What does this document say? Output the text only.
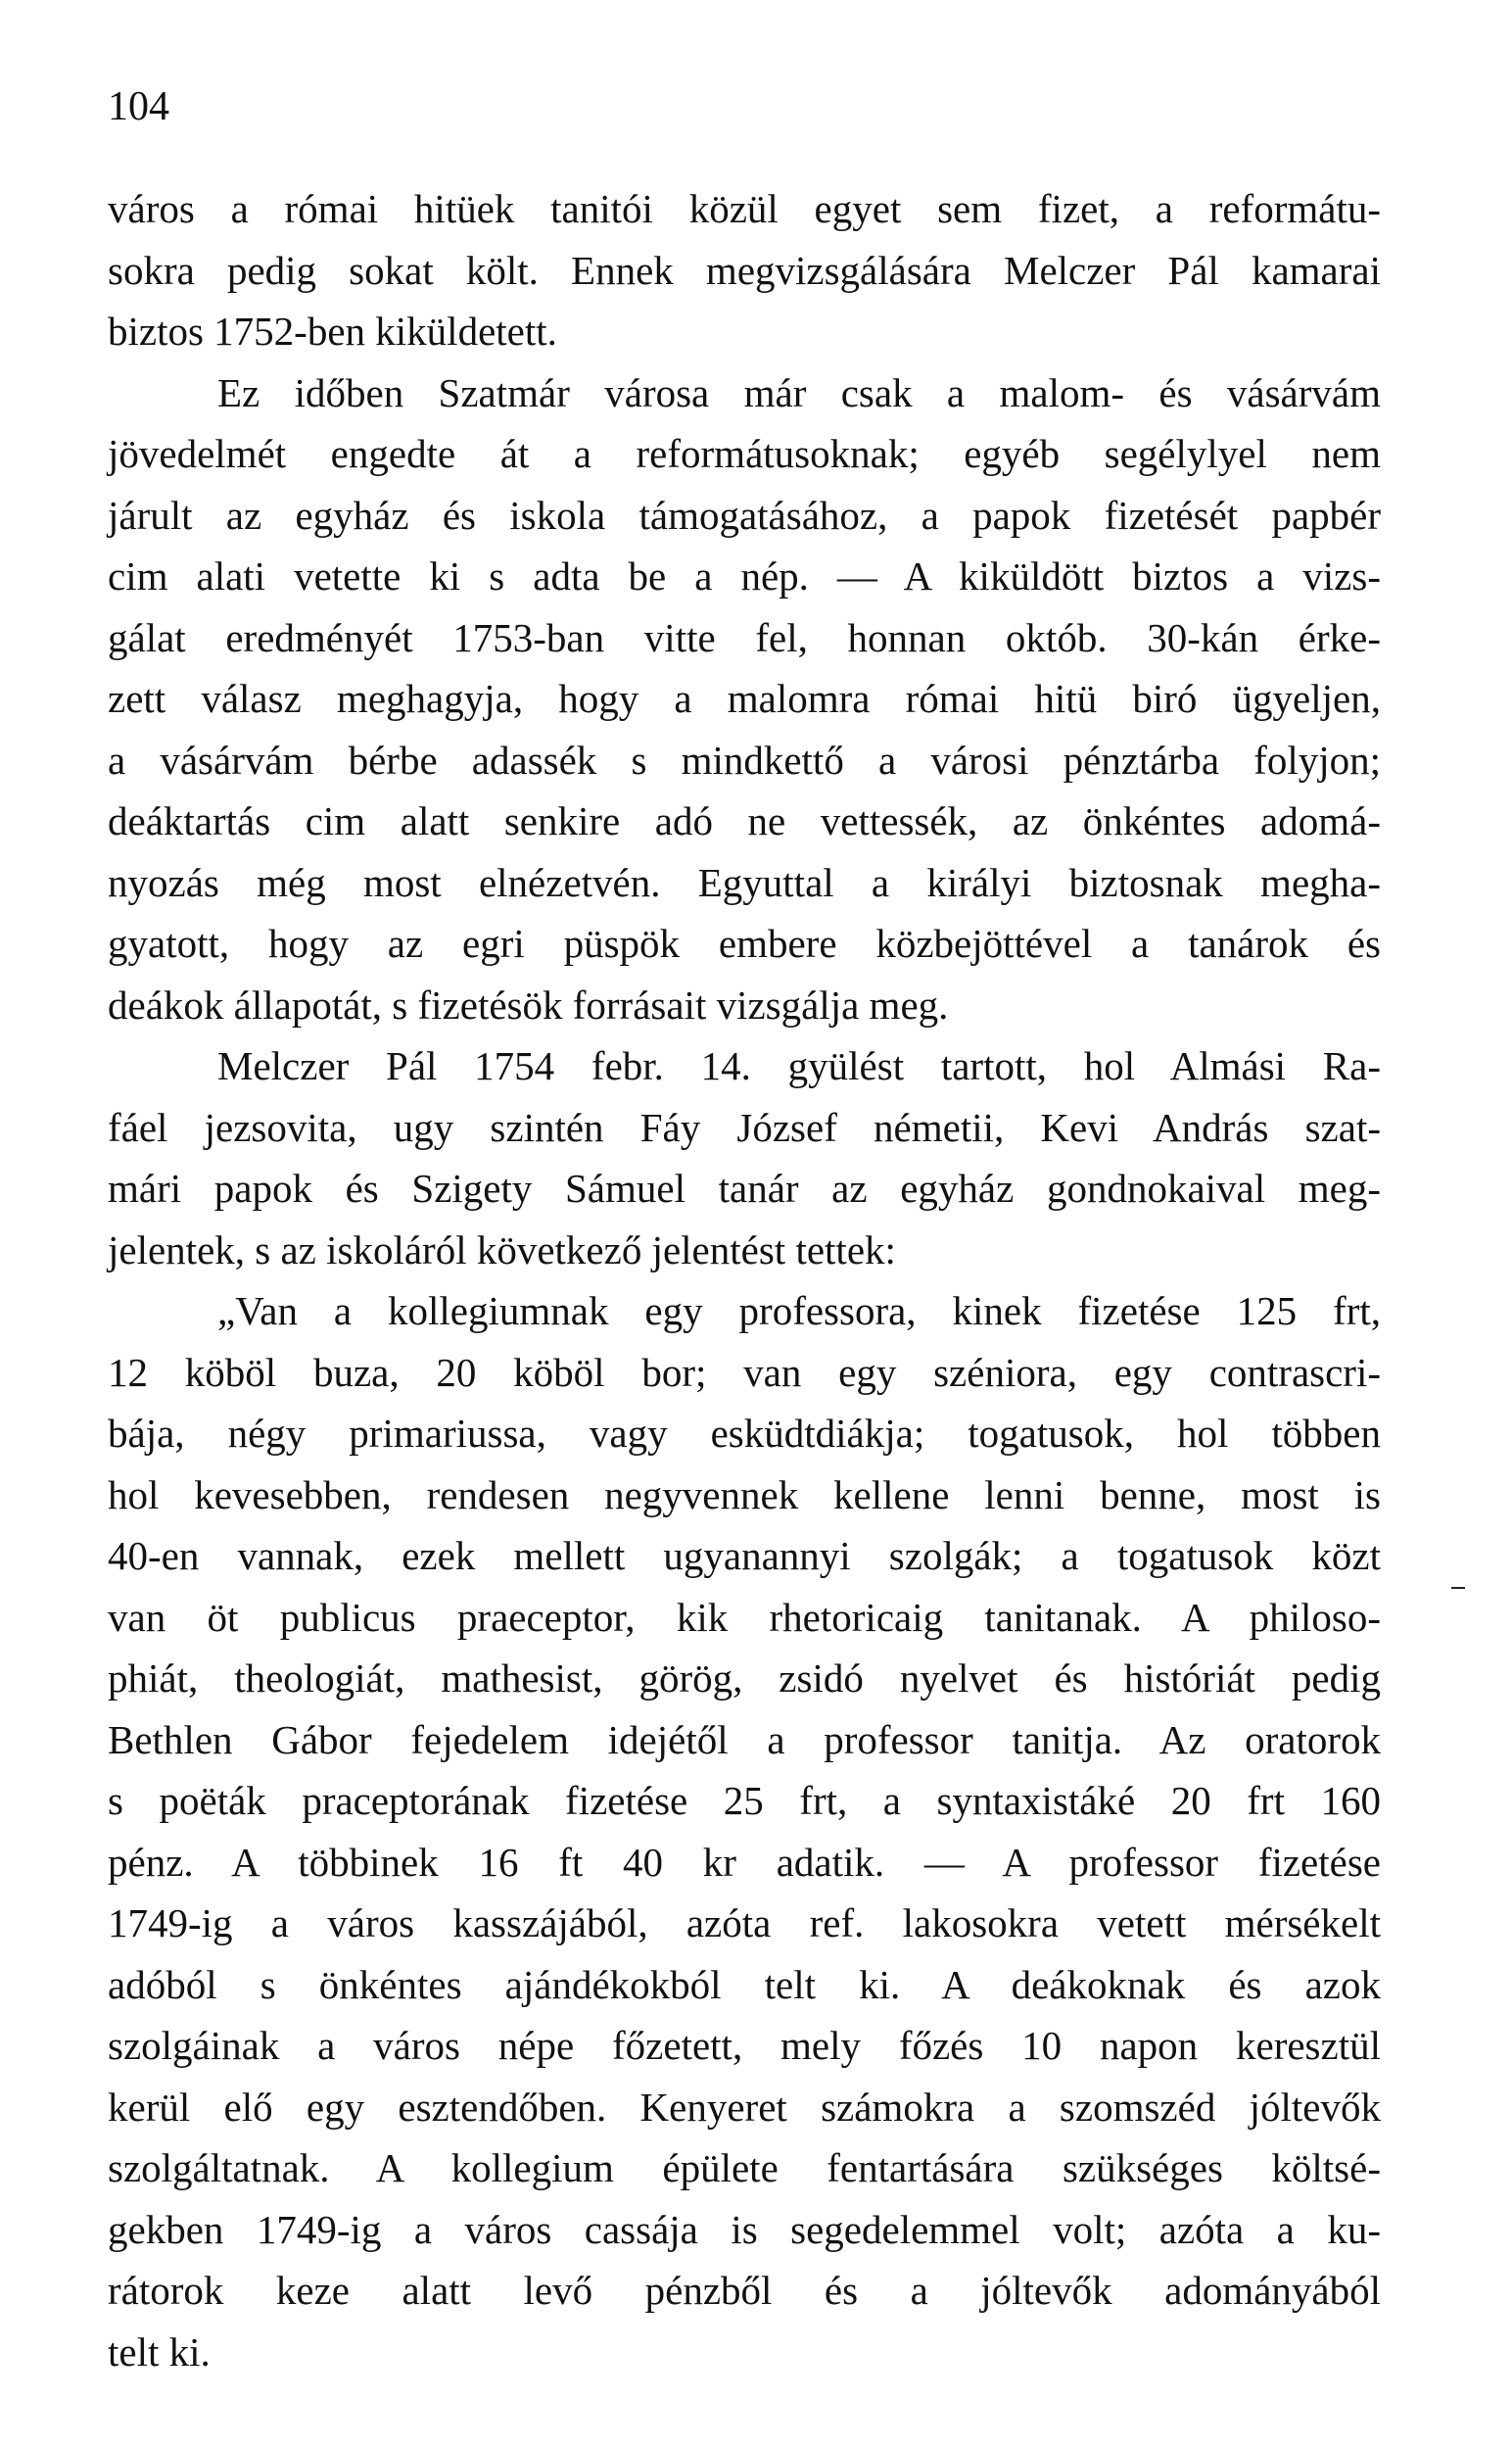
104
város a római hitüek tanitói közül egyet sem fizet, a reformátu-
sokra pedig sokat költ. Ennek megvizsgálására Melczer Pál kamarai
biztos 1752-ben kiküldetett.
Ez időben Szatmár városa már csak a malom- és vásárvám
jövedelmét engedte át a reformátusoknak; egyéb segélylyel nem
járult az egyház és iskola támogatásához, a papok fizetését papbér
cim alati vetette ki s adta be a nép. — A kiküldött biztos a vizs-
gálat eredményét 1753-ban vitte fel, honnan októb. 30-kán érke-
zett válasz meghagyja, hogy a malomra római hitü biró ügyeljen,
a vásárvám bérbe adassék s mindkettő a városi pénztárba folyjon;
deáktartás cim alatt senkire adó ne vettessék, az önkéntes adomá-
nyozás még most elnézetvén. Egyuttal a királyi biztosnak megha-
gyatott, hogy az egri püspök embere közbejöttével a tanárok és
deákok állapotát, s fizetésök forrásait vizsgálja meg.
Melczer Pál 1754 febr. 14. gyülést tartott, hol Almási Ra-
fáel jezsovita, ugy szintén Fáy József németii, Kevi András szat-
mári papok és Szigety Sámuel tanár az egyház gondnokaival meg-
jelentek, s az iskoláról következő jelentést tettek:
„Van a kollegiumnak egy professora, kinek fizetése 125 frt,
12 köböl buza, 20 köböl bor; van egy széniora, egy contrascri-
bája, négy primariussa, vagy esküdtdiákja; togatusok, hol többen
hol kevesebben, rendesen negyvennek kellene lenni benne, most is
40-en vannak, ezek mellett ugyanannyi szolgák; a togatusok közt
van öt publicus praeceptor, kik rhetoricaig tanitanak. A philoso-
phiát, theologiát, mathesist, görög, zsidó nyelvet és históriát pedig
Bethlen Gábor fejedelem idejétől a professor tanitja. Az oratorok
s poëták praceptorának fizetése 25 frt, a syntaxistáké 20 frt 160
pénz. A többinek 16 ft 40 kr adatik. — A professor fizetése
1749-ig a város kasszájából, azóta ref. lakosokra vetett mérsékelt
adóból s önkéntes ajándékokból telt ki. A deákoknak és azok
szolgáinak a város népe főzetett, mely főzés 10 napon keresztül
kerül elő egy esztendőben. Kenyeret számokra a szomszéd jóltevők
szolgáltatnak. A kollegium épülete fentartására szükséges költsé-
gekben 1749-ig a város cassája is segedelemmel volt; azóta a ku-
rátorok keze alatt levő pénzből és a jóltevők adományából
telt ki.
